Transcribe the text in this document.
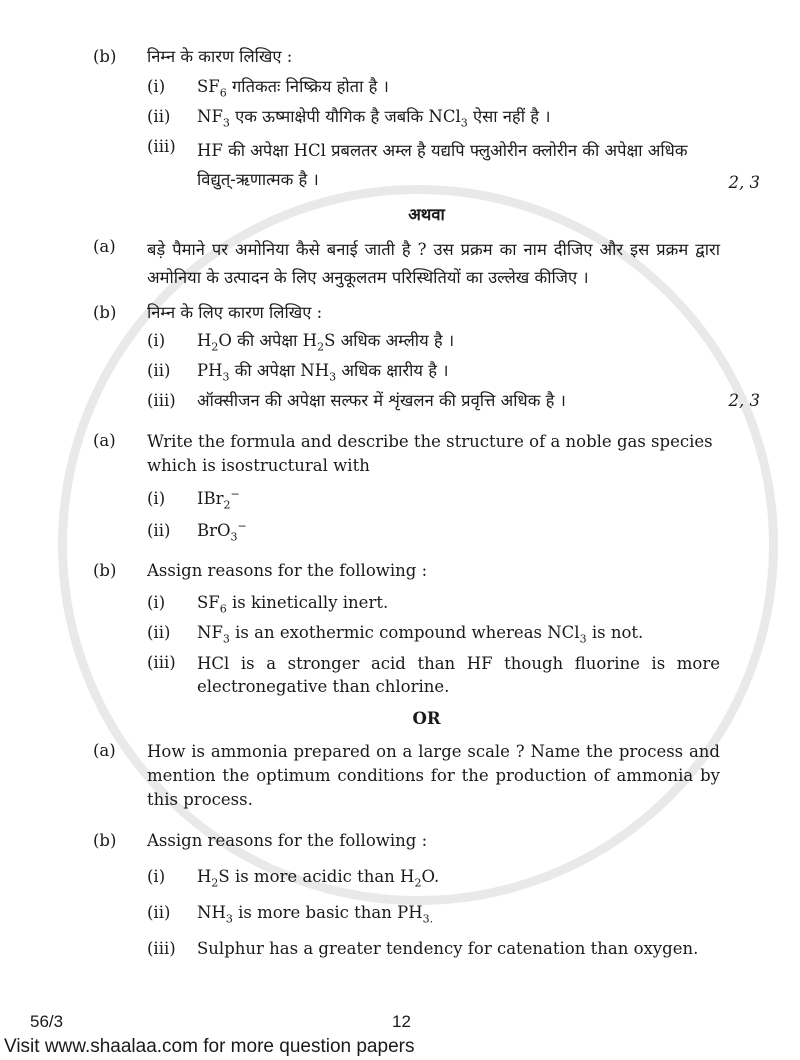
(b)	निम्न के कारण लिखिए :
(i)	$SF_6$ गतिकतः निष्क्रिय होता है ।
(ii)	$NF_3$ एक ऊष्माक्षेपी यौगिक है जबकि NCl$_3$ ऐसा नहीं है ।
(iii)	HF की अपेक्षा HCl प्रबलतर अम्ल है यद्यपि फ्लुओरीन क्लोरीन की अपेक्षा अधिक विद्युत्-ऋणात्मक है ।	2, 3
अथवा
(a)	बड़े पैमाने पर अमोनिया कैसे बनाई जाती है ? उस प्रक्रम का नाम दीजिए और इस प्रक्रम द्वारा अमोनिया के उत्पादन के लिए अनुकूलतम परिस्थितियों का उल्लेख कीजिए ।
(b)	निम्न के लिए कारण लिखिए :
(i)	$H_2O$ की अपेक्षा $H_2S$ अधिक अम्लीय है ।
(ii)	$PH_3$ की अपेक्षा $NH_3$ अधिक क्षारीय है ।
(iii)	ऑक्सीजन की अपेक्षा सल्फर में शृंखलन की प्रवृत्ति अधिक है ।	2, 3
(a)	Write the formula and describe the structure of a noble gas species which is isostructural with
(i)	IBr$_2$−
(ii)	BrO$_3$−
(b)	Assign reasons for the following :
(i)	$SF_6$ is kinetically inert.
(ii)	$NF_3$ is an exothermic compound whereas NCl$_3$ is not.
(iii)	HCl is a stronger acid than HF though fluorine is more electronegative than chlorine.
OR
(a)	How is ammonia prepared on a large scale ? Name the process and mention the optimum conditions for the production of ammonia by this process.
(b)	Assign reasons for the following :
(i)	$H_2S$ is more acidic than $H_2O$.
(ii)	$NH_3$ is more basic than $PH_{3.}$
(iii)	Sulphur has a greater tendency for catenation than oxygen.
56/3	12
Visit www.shaalaa.com for more question papers
